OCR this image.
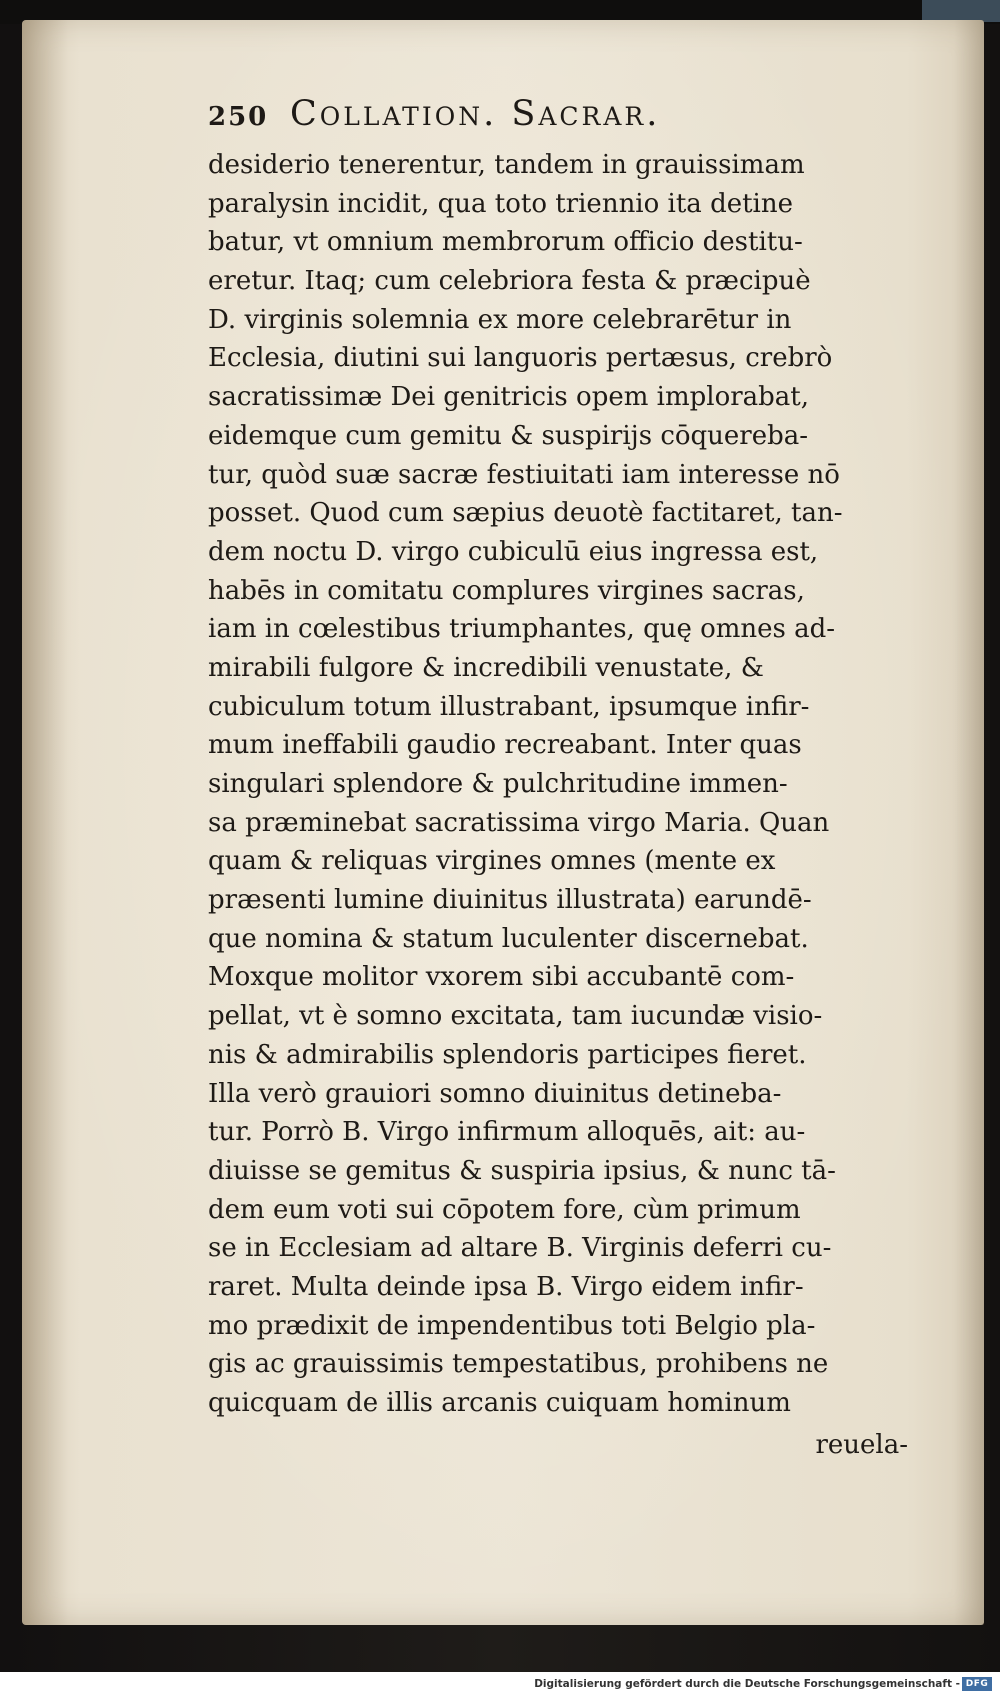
250 Collation. Sacrar.
desiderio tenerentur, tandem in grauissimam
paralysin incidit, qua toto triennio ita detine
batur, vt omnium membrorum officio destitu-
eretur. Itaq; cum celebriora festa & præcipuè
D. virginis solemnia ex more celebrarētur in
Ecclesia, diutini sui languoris pertæsus, crebrò
sacratissimæ Dei genitricis opem implorabat,
eidemque cum gemitu & suspirijs cōquereba-
tur, quòd suæ sacræ festiuitati iam interesse nō
posset. Quod cum sæpius deuotè factitaret, tan-
dem noctu D. virgo cubiculū eius ingressa est,
habēs in comitatu complures virgines sacras,
iam in cœlestibus triumphantes, quę omnes ad-
mirabili fulgore & incredibili venustate, &
cubiculum totum illustrabant, ipsumque infir-
mum ineffabili gaudio recreabant. Inter quas
singulari splendore & pulchritudine immen-
sa præminebat sacratissima virgo Maria. Quan
quam & reliquas virgines omnes (mente ex
præsenti lumine diuinitus illustrata) earundē-
que nomina & statum luculenter discernebat.
Moxque molitor vxorem sibi accubantē com-
pellat, vt è somno excitata, tam iucundæ visio-
nis & admirabilis splendoris participes fieret.
Illa verò grauiori somno diuinitus detineba-
tur. Porrò B. Virgo infirmum alloquēs, ait: au-
diuisse se gemitus & suspiria ipsius, & nunc tā-
dem eum voti sui cōpotem fore, cùm primum
se in Ecclesiam ad altare B. Virginis deferri cu-
raret. Multa deinde ipsa B. Virgo eidem infir-
mo prædixit de impendentibus toti Belgio pla-
gis ac grauissimis tempestatibus, prohibens ne
quicquam de illis arcanis cuiquam hominum
reuela-
Digitalisierung gefördert durch die Deutsche Forschungsgemeinschaft - DFG
